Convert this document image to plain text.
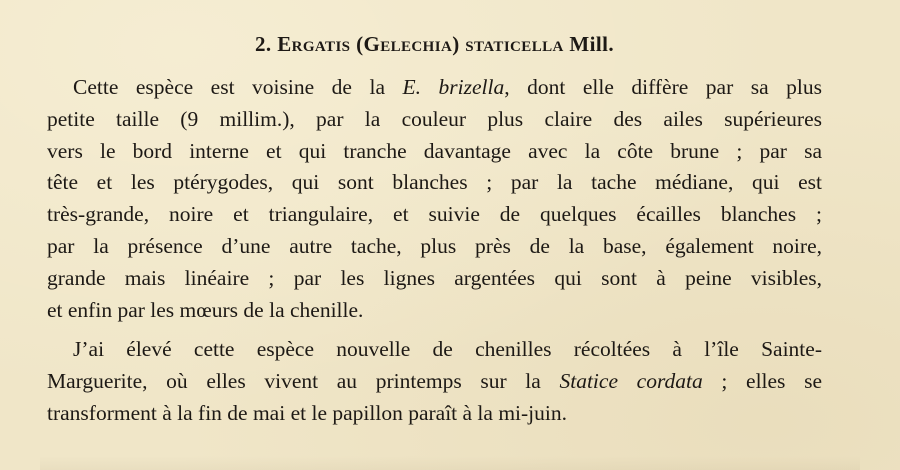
2. Ergatis (Gelechia) staticella Mill.

Cette espèce est voisine de la E. brizella, dont elle diffère par sa plus
petite taille (9 millim.), par la couleur plus claire des ailes supérieures
vers le bord interne et qui tranche davantage avec la côte brune ; par sa
tête et les ptérygodes, qui sont blanches ; par la tache médiane, qui est
très-grande, noire et triangulaire, et suivie de quelques écailles blanches ;
par la présence d’une autre tache, plus près de la base, également noire,
grande mais linéaire ; par les lignes argentées qui sont à peine visibles,
et enfin par les mœurs de la chenille.

J’ai élevé cette espèce nouvelle de chenilles récoltées à l’île Sainte-
Marguerite, où elles vivent au printemps sur la Statice cordata ; elles se
transforment à la fin de mai et le papillon paraît à la mi-juin.
